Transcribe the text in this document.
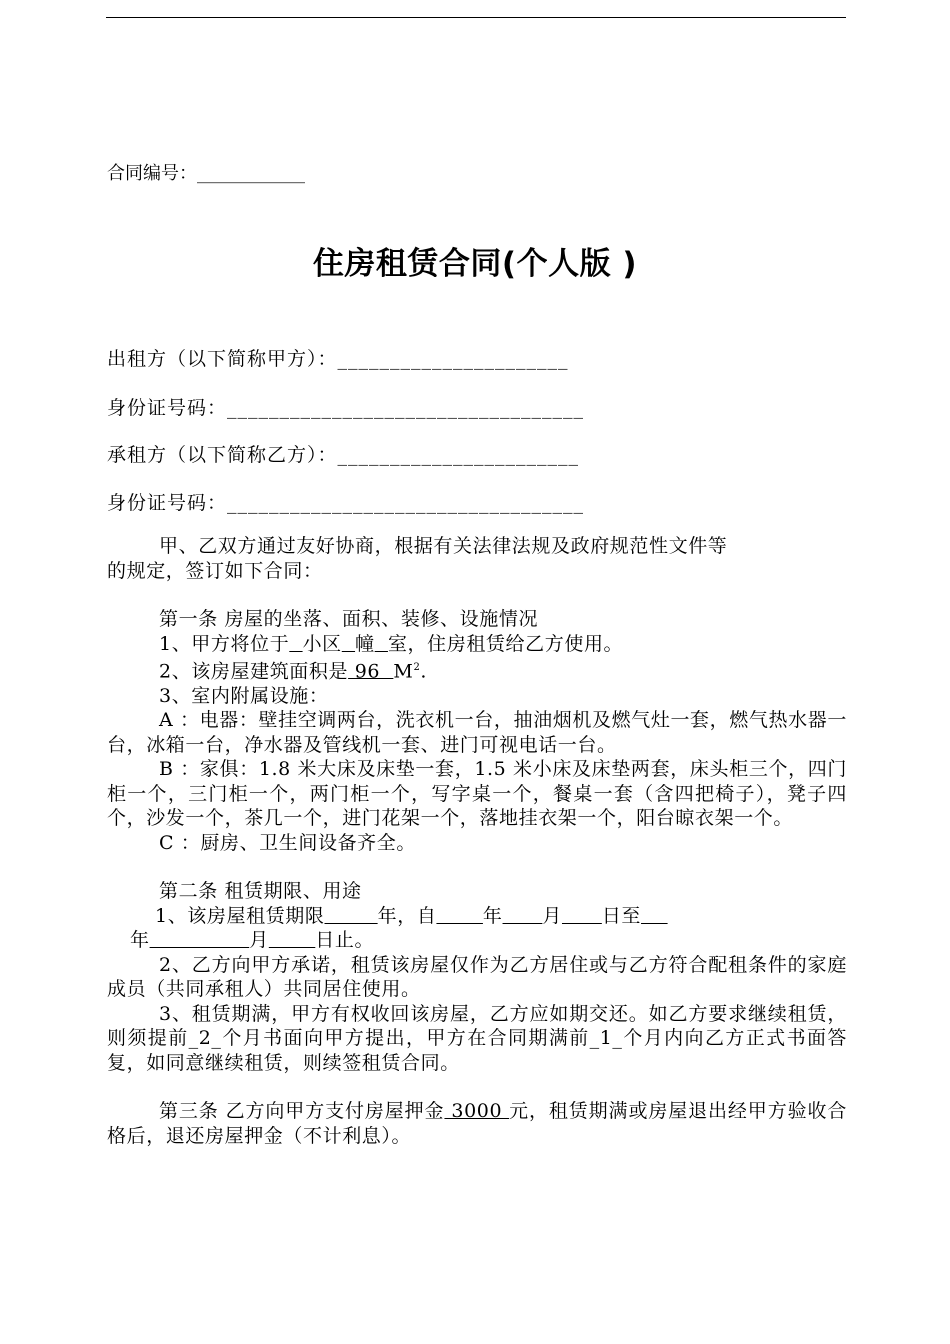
合同编号：____________
住房租赁合同(个人版 )
出租方（以下简称甲方）：______________________
身份证号码：__________________________________
承租方（以下简称乙方）：_______________________
身份证号码：__________________________________

甲、乙双方通过友好协商，根据有关法律法规及政府规范性文件等

的规定，签订如下合同：

第一条 房屋的坐落、面积、装修、设施情况

1、甲方将位于 小区 幢 室，住房租赁给乙方使用。

2、该房屋建筑面积是 96  $M^2$.

3、室内附属设施：

A ：电器：壁挂空调两台，洗衣机一台，抽油烟机及燃气灶一套，燃气热水器一台，冰箱一台，净水器及管线机一套、进门可视电话一台。

B ：家俱：1.8 米大床及床垫一套，1.5 米小床及床垫两套，床头柜三个，四门柜一个，三门柜一个，两门柜一个，写字桌一个，餐桌一套（含四把椅子），凳子四个，沙发一个，茶几一个，进门花架一个，落地挂衣架一个，阳台晾衣架一个。

C ：厨房、卫生间设备齐全。

第二条 租赁期限、用途

1、该房屋租赁期限	年，自 年 月 日至

年	月 日止。

2、乙方向甲方承诺，租赁该房屋仅作为乙方居住或与乙方符合配租条件的家庭成员（共同承租人）共同居住使用。

3、租赁期满，甲方有权收回该房屋，乙方应如期交还。如乙方要求继续租赁，则须提前_2_个月书面向甲方提出，甲方在合同期满前_1_个月内向乙方正式书面答复，如同意继续租赁，则续签租赁合同。

第三条 乙方向甲方支付房屋押金 3000 元，租赁期满或房屋退出经甲方验收合格后，退还房屋押金（不计利息）。
